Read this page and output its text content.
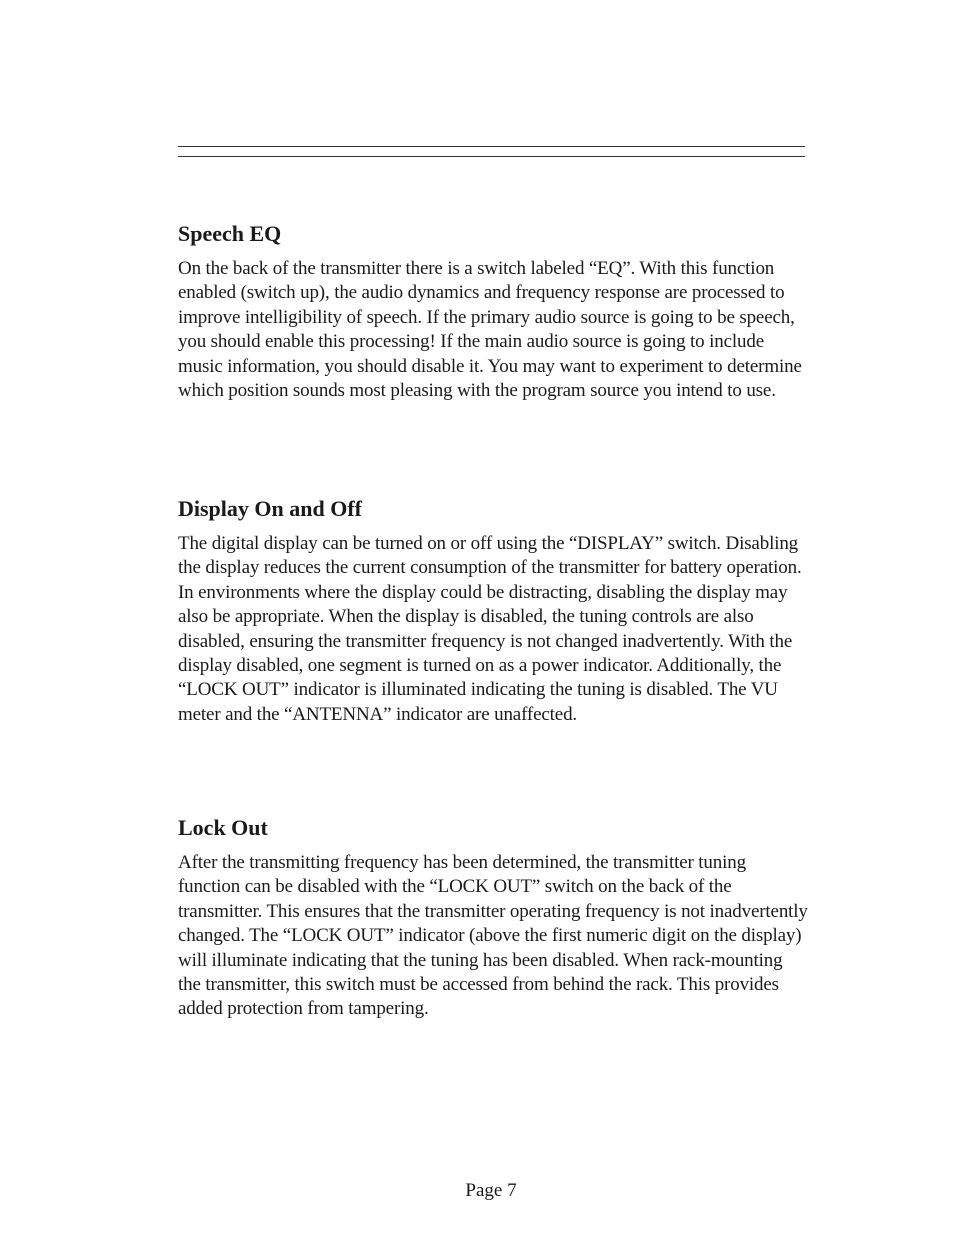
Speech EQ

On the back of the transmitter there is a switch labeled “EQ”. With this function enabled (switch up), the audio dynamics and frequency response are processed to improve intelligibility of speech. If the primary audio source is going to be speech, you should enable this processing! If the main audio source is going to include music information, you should disable it. You may want to experiment to determine which position sounds most pleasing with the program source you intend to use.

Display On and Off

The digital display can be turned on or off using the “DISPLAY” switch. Disabling the display reduces the current consumption of the transmitter for battery operation. In environments where the display could be distracting, disabling the display may also be appropriate. When the display is disabled, the tuning controls are also disabled, ensuring the transmitter frequency is not changed inadvertently. With the display disabled, one segment is turned on as a power indicator. Additionally, the “LOCK OUT” indicator is illuminated indicating the tuning is disabled. The VU meter and the “ANTENNA” indicator are unaffected.

Lock Out

After the transmitting frequency has been determined, the transmitter tuning function can be disabled with the “LOCK OUT” switch on the back of the transmitter. This ensures that the transmitter operating frequency is not inadvertently changed. The “LOCK OUT” indicator (above the first numeric digit on the display) will illuminate indicating that the tuning has been disabled. When rack-mounting the transmitter, this switch must be accessed from behind the rack. This provides added protection from tampering.

Page 7
